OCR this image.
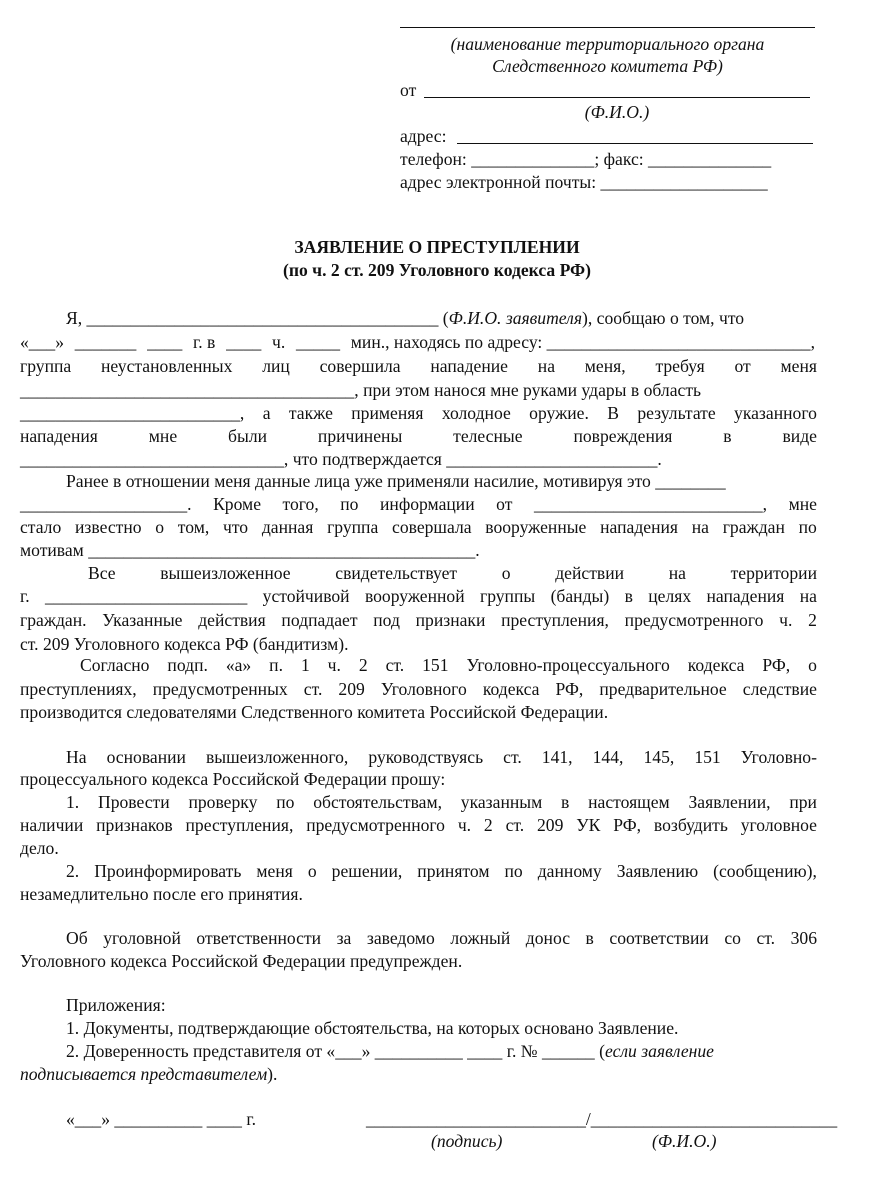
(наименование территориального органа
Следственного комитета РФ)
от
(Ф.И.О.)
адрес:
телефон: ______________; факс: ______________
адрес электронной почты: ___________________
ЗАЯВЛЕНИЕ О ПРЕСТУПЛЕНИИ
(по ч. 2 ст. 209 Уголовного кодекса РФ)
Я, ________________________________________ (Ф.И.О. заявителя), сообщаю о том, что
«___» _______ ____ г. в ____ ч. _____ мин., находясь по адресу: ______________________________,
группа неустановленных лиц совершила нападение на меня, требуя от меня
______________________________________, при этом нанося мне руками удары в область
_________________________, а также применяя холодное оружие. В результате указанного
нападения	мне	были	причинены	телесные	повреждения	в	виде
______________________________, что подтверждается ________________________.
Ранее в отношении меня данные лица уже применяли насилие, мотивируя это ________
___________________. Кроме того, по информации от __________________________, мне
стало известно о том, что данная группа совершала вооруженные нападения на граждан по
мотивам ____________________________________________.
Все	вышеизложенное	свидетельствует	о	действии	на	территории
г. _______________________ устойчивой вооруженной группы (банды) в целях нападения на
граждан. Указанные действия подпадает под признаки преступления, предусмотренного ч. 2
ст. 209 Уголовного кодекса РФ (бандитизм).
Согласно подп. «а» п. 1 ч. 2 ст. 151 Уголовно-процессуального кодекса РФ, о
преступлениях, предусмотренных ст. 209 Уголовного кодекса РФ, предварительное следствие
производится следователями Следственного комитета Российской Федерации.
На основании вышеизложенного, руководствуясь ст. 141, 144, 145, 151 Уголовно-
процессуального кодекса Российской Федерации прошу:
1. Провести проверку по обстоятельствам, указанным в настоящем Заявлении, при
наличии признаков преступления, предусмотренного ч. 2 ст. 209 УК РФ, возбудить уголовное
дело.
2. Проинформировать меня о решении, принятом по данному Заявлению (сообщению),
незамедлительно после его принятия.
Об уголовной ответственности за заведомо ложный донос в соответствии со ст. 306
Уголовного кодекса Российской Федерации предупрежден.
Приложения:
1. Документы, подтверждающие обстоятельства, на которых основано Заявление.
2. Доверенность представителя от «___» __________ ____ г. № ______ (если заявление
подписывается представителем).
«___» __________ ____ г.	_________________________/____________________________
(подпись)	(Ф.И.О.)
